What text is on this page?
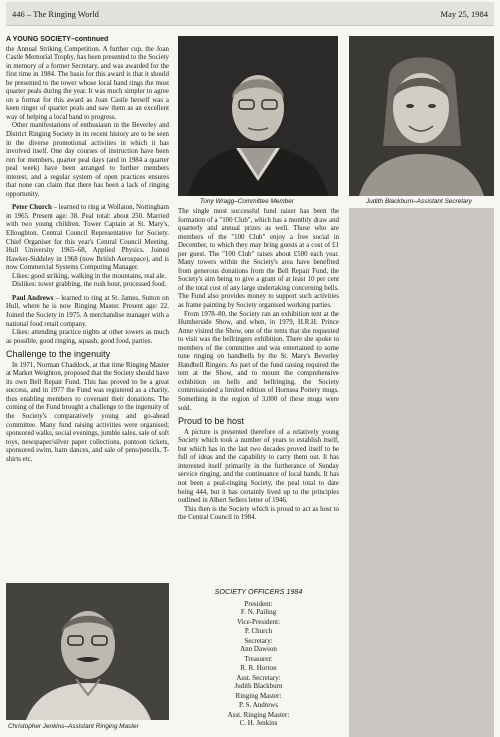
446 – The Ringing World	May 25, 1984
A YOUNG SOCIETY–continued

the Annual Striking Competition. A further cup, the Joan Castle Memorial Trophy, has been presented to the Society in memory of a former Secretary, and was awarded for the first time in 1984. The basis for this award is that it should be presented to the tower whose local band rings the most quarter peals during the year. It was much simpler to agree on a format for this award as Joan Castle herself was a keen ringer of quarter peals and saw them as an excellent way of helping a local band to progress.

Other manifestations of enthusiasm in the Beverley and District Ringing Society in its recent history are to be seen in the diverse promotional activities in which it has involved itself. One day courses of instruction have been run for members, quarter peal days (and in 1984 a quarter peal week) have been arranged to further members interest, and a regular system of open practices ensures that none can claim that there has been a lack of ringing opportunity.

Peter Church – learned to ring at Wollaton, Nottingham in 1965. Present age: 38. Peal total: about 250. Married with two young children. Tower Captain at St. Mary's, Elloughton. Central Council Representative for Society. Chief Organiser for this year's Central Council Meeting. Hull University 1965–68, Applied Physics. Joined Hawker-Siddeley in 1968 (now British Aerospace), and is now Commercial Systems Computing Manager.

Likes: good striking, walking in the mountains, real ale.

Dislikes: tower grabbing, the rush hour, processed food.

Paul Andrews – learned to ring at St. James, Sutton on Hull, where he is now Ringing Master. Present age: 22. Joined the Society in 1975. A merchandise manager with a national food retail company.

Likes: attending practice nights at other towers as much as possible, good ringing, squash, good food, parties.

Challenge to the ingenuity

In 1971, Norman Chaddock, at that time Ringing Master at Market Weighton, proposed that the Society should have its own Bell Repair Fund. This has proved to be a great success, and in 1977 the Fund was registered as a charity, thus enabling members to covenant their donations. The coming of the Fund brought a challenge to the ingenuity of the Society's comparatively young and go-ahead committee. Many fund raising activities were organised; sponsored walks, social evenings, jumble sales, sale of soft toys, newspaper/silver paper collections, pontoon tickets, sponsored swim, barn dances, and sale of pens/pencils, T-shirts etc.

Christopher Jenkins–Assistant Ringing Master
Tony Wragg–Committee Member	Judith Blackburn–Assistant Secretary

The single most successful fund raiser has been the formation of a "100 Club", which has a monthly draw and quarterly and annual prizes as well. Those who are members of the "100 Club" enjoy a free social in December, to which they may bring guests at a cost of £1 per guest. The "100 Club" raises about £500 each year. Many towers within the Society's area have benefited from generous donations from the Bell Repair Fund, the Society's aim being to give a grant of at least 10 per cent of the total cost of any large undertaking concerning bells. The Fund also provides money to support such activities as frame painting by Society organised working parties.

From 1978–80, the Society ran an exhibition tent at the Humberside Show, and when, in 1979, H.R.H. Prince Anne visited the Show, one of the tents that she requested to visit was the bellringers exhibition. There she spoke to members of the committee and was entertained to some tune ringing on handbells by the St. Mary's Beverley Handbell Ringers. As part of the fund raising required the tent at the Show, and to mount the comprehensive exhibition on bells and bellringing, the Society commissioned a limited edition of Hornsea Pottery mugs. Something in the region of 3,000 of these mugs were sold.

Proud to be host

A picture is presented therefore of a relatively young Society which took a number of years to establish itself, but which has in the last two decades proved itself to be full of ideas and the capability to carry them out. It has interested itself primarily in the furtherance of Sunday service ringing, and the continuance of local bands. It has not been a peal-ringing Society, the peal total to date being 444, but it has certainly lived up to the principles outlined in Albert Sellers letter of 1946.

This then is the Society which is proud to act as host to the Central Council in 1984.

SOCIETY OFFICERS 1984
President:
F. N. Pailing
Vice-President:
P. Church
Secretary:
Ann Dawson
Treasurer:
R. R. Horton
Asst. Secretary:
Judith Blackburn
Ringing Master:
P. S. Andrews
Asst. Ringing Master:
C. H. Jenkins
